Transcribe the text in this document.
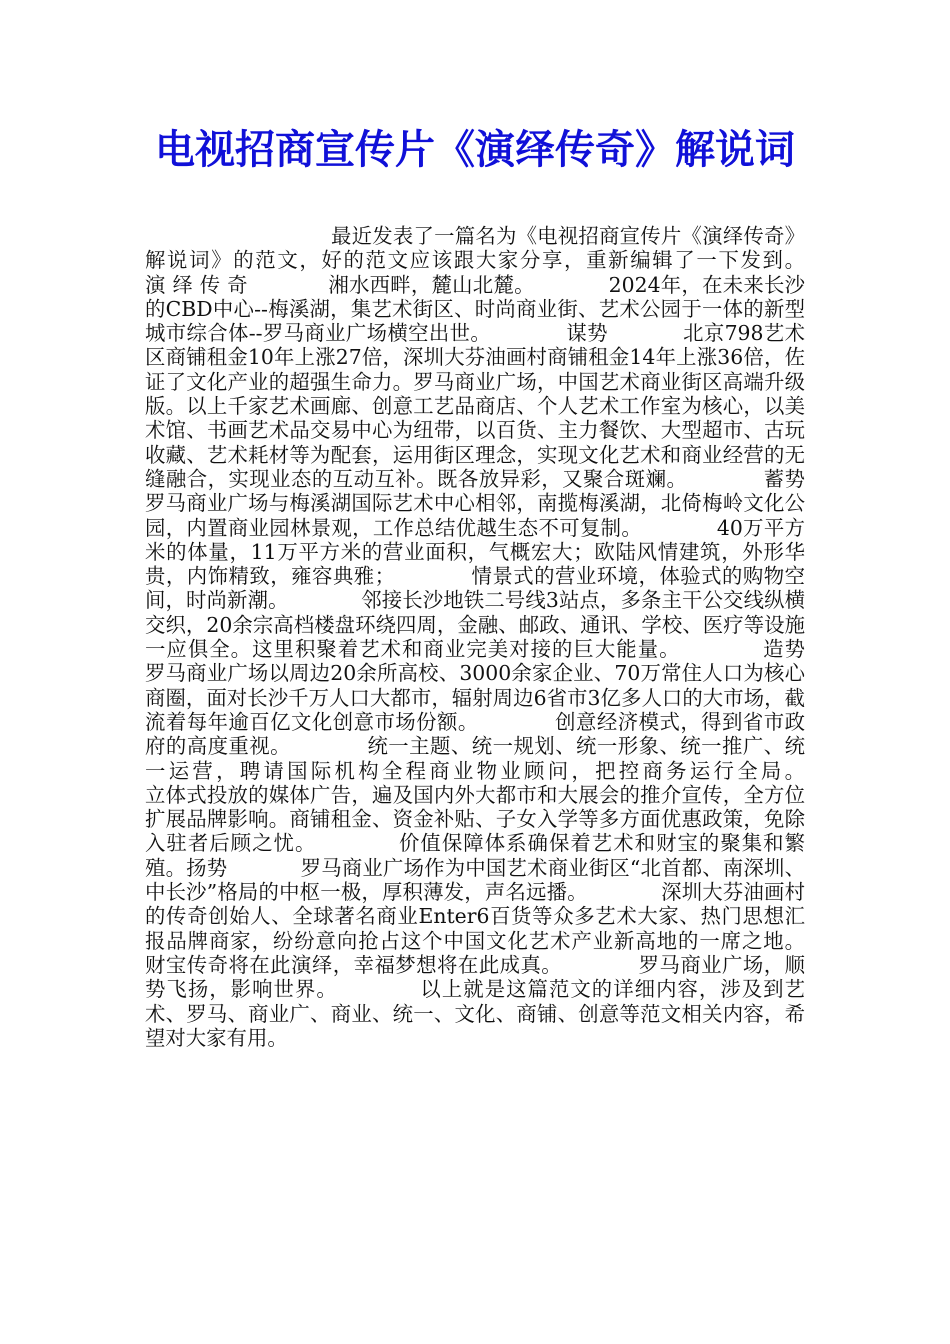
电视招商宣传片《演绎传奇》解说词

最近发表了一篇名为《电视招商宣传片《演绎传奇》解说词》的范文，好的范文应该跟大家分享，重新编辑了一下发到。      演 绎 传 奇            湘水西畔，麓山北麓。           2024年，在未来长沙的CBD中心--梅溪湖，集艺术街区、时尚商业街、艺术公园于一体的新型城市综合体--罗马商业广场横空出世。           谋势           北京798艺术区商铺租金10年上涨27倍，深圳大芬油画村商铺租金14年上涨36倍，佐证了文化产业的超强生命力。罗马商业广场，中国艺术商业街区高端升级版。以上千家艺术画廊、创意工艺品商店、个人艺术工作室为核心，以美术馆、书画艺术品交易中心为纽带，以百货、主力餐饮、大型超市、古玩收藏、艺术耗材等为配套，运用街区理念，实现文化艺术和商业经营的无缝融合，实现业态的互动互补。既各放异彩，又聚合斑斓。           蓄势           罗马商业广场与梅溪湖国际艺术中心相邻，南揽梅溪湖，北倚梅岭文化公园，内置商业园林景观，工作总结优越生态不可复制。           40万平方米的体量，11万平方米的营业面积，气概宏大；欧陆风情建筑，外形华贵，内饰精致，雍容典雅；           情景式的营业环境，体验式的购物空间，时尚新潮。           邻接长沙地铁二号线3站点，多条主干公交线纵横交织，20余宗高档楼盘环绕四周，金融、邮政、通讯、学校、医疗等设施一应俱全。这里积聚着艺术和商业完美对接的巨大能量。           造势           罗马商业广场以周边20余所高校、3000余家企业、70万常住人口为核心商圈，面对长沙千万人口大都市，辐射周边6省市3亿多人口的大市场，截流着每年逾百亿文化创意市场份额。           创意经济模式，得到省市政府的高度重视。           统一主题、统一规划、统一形象、统一推广、统一运营，聘请国际机构全程商业物业顾问，把控商务运行全局。           立体式投放的媒体广告，遍及国内外大都市和大展会的推介宣传，全方位扩展品牌影响。商铺租金、资金补贴、子女入学等多方面优惠政策，免除入驻者后顾之忧。           价值保障体系确保着艺术和财宝的聚集和繁殖。扬势           罗马商业广场作为中国艺术商业街区“北首都、南深圳、中长沙”格局的中枢一极，厚积薄发，声名远播。           深圳大芬油画村的传奇创始人、全球著名商业Enter6百货等众多艺术大家、热门思想汇报品牌商家，纷纷意向抢占这个中国文化艺术产业新高地的一席之地。           财宝传奇将在此演绎，幸福梦想将在此成真。           罗马商业广场，顺势飞扬，影响世界。           以上就是这篇范文的详细内容，涉及到艺术、罗马、商业广、商业、统一、文化、商铺、创意等范文相关内容，希望对大家有用。
